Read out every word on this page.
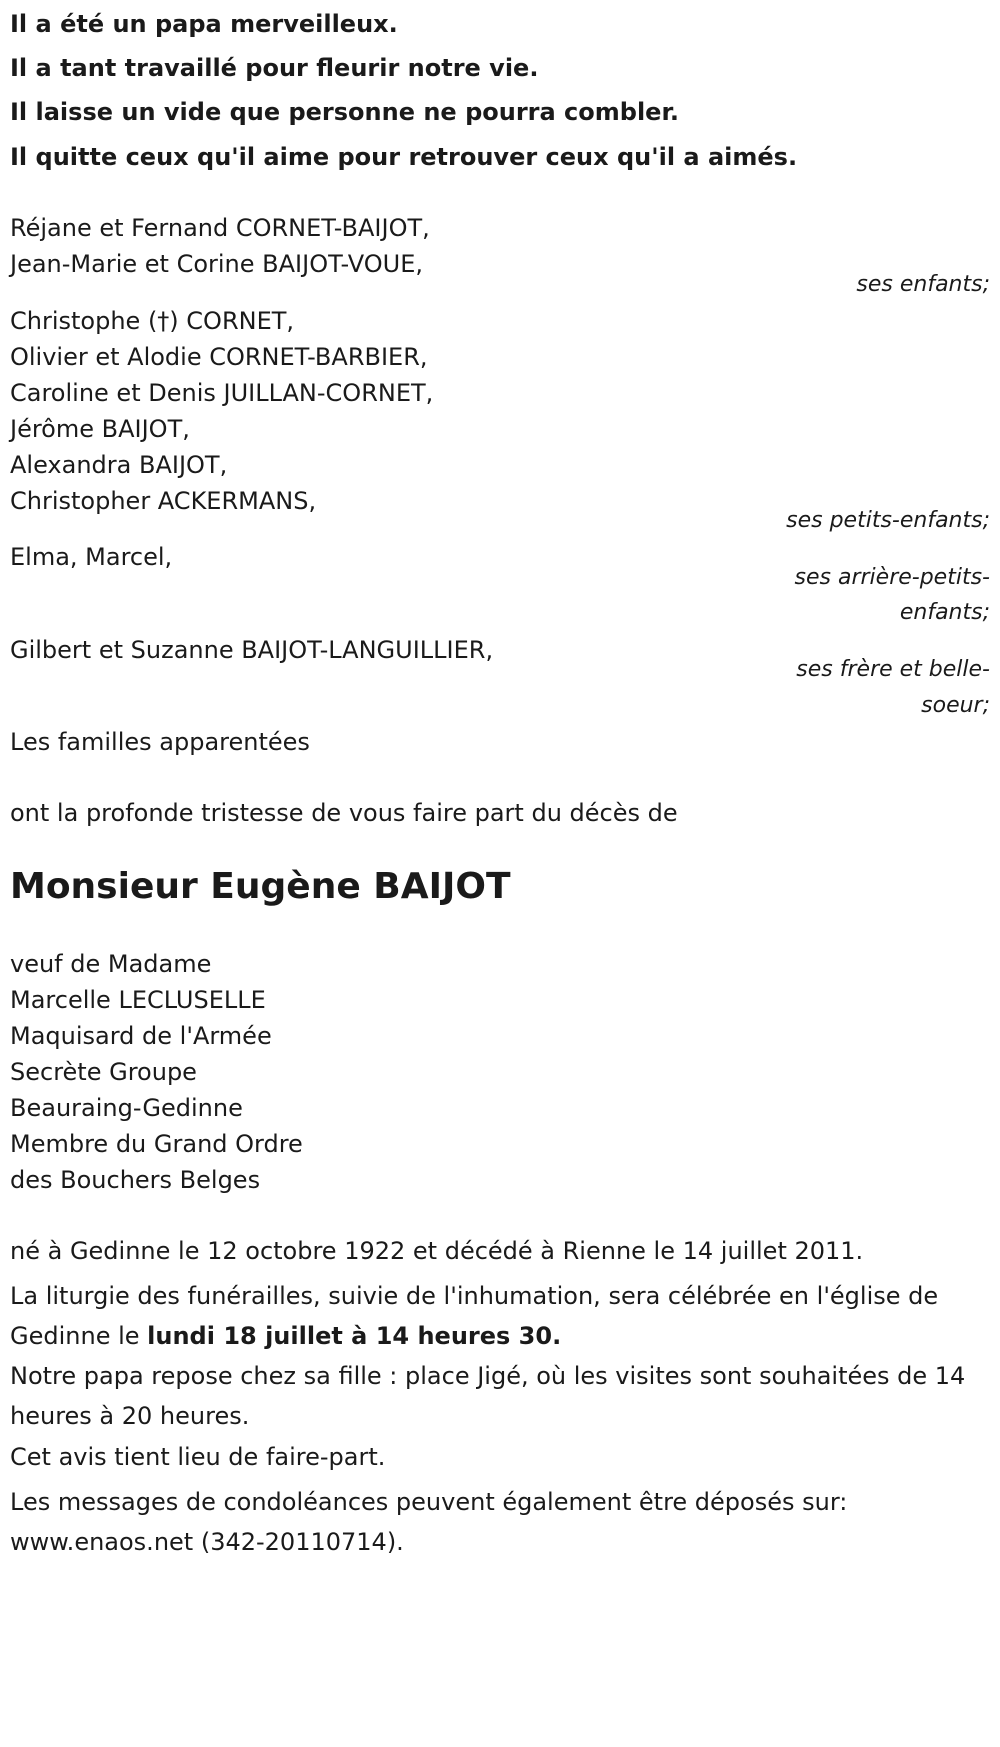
Il a été un papa merveilleux.
Il a tant travaillé pour fleurir notre vie.
Il laisse un vide que personne ne pourra combler.
Il quitte ceux qu'il aime pour retrouver ceux qu'il a aimés.
Réjane et Fernand CORNET-BAIJOT,
Jean-Marie et Corine BAIJOT-VOUE,
ses enfants;
Christophe (†) CORNET,
Olivier et Alodie CORNET-BARBIER,
Caroline et Denis JUILLAN-CORNET,
Jérôme BAIJOT,
Alexandra BAIJOT,
Christopher ACKERMANS,
ses petits-enfants;
Elma, Marcel,
ses arrière-petits-
enfants;
Gilbert et Suzanne BAIJOT-LANGUILLIER,
ses frère et belle-
soeur;
Les familles apparentées
ont la profonde tristesse de vous faire part du décès de
Monsieur Eugène BAIJOT
veuf de Madame
Marcelle LECLUSELLE
Maquisard de l'Armée
Secrète Groupe
Beauraing-Gedinne
Membre du Grand Ordre
des Bouchers Belges
né à Gedinne le 12 octobre 1922 et décédé à Rienne le 14 juillet 2011.
La liturgie des funérailles, suivie de l'inhumation, sera célébrée en l'église de Gedinne le lundi 18 juillet à 14 heures 30.
Notre papa repose chez sa fille : place Jigé, où les visites sont souhaitées de 14 heures à 20 heures.
Cet avis tient lieu de faire-part.
Les messages de condoléances peuvent également être déposés sur: www.enaos.net (342-20110714).
